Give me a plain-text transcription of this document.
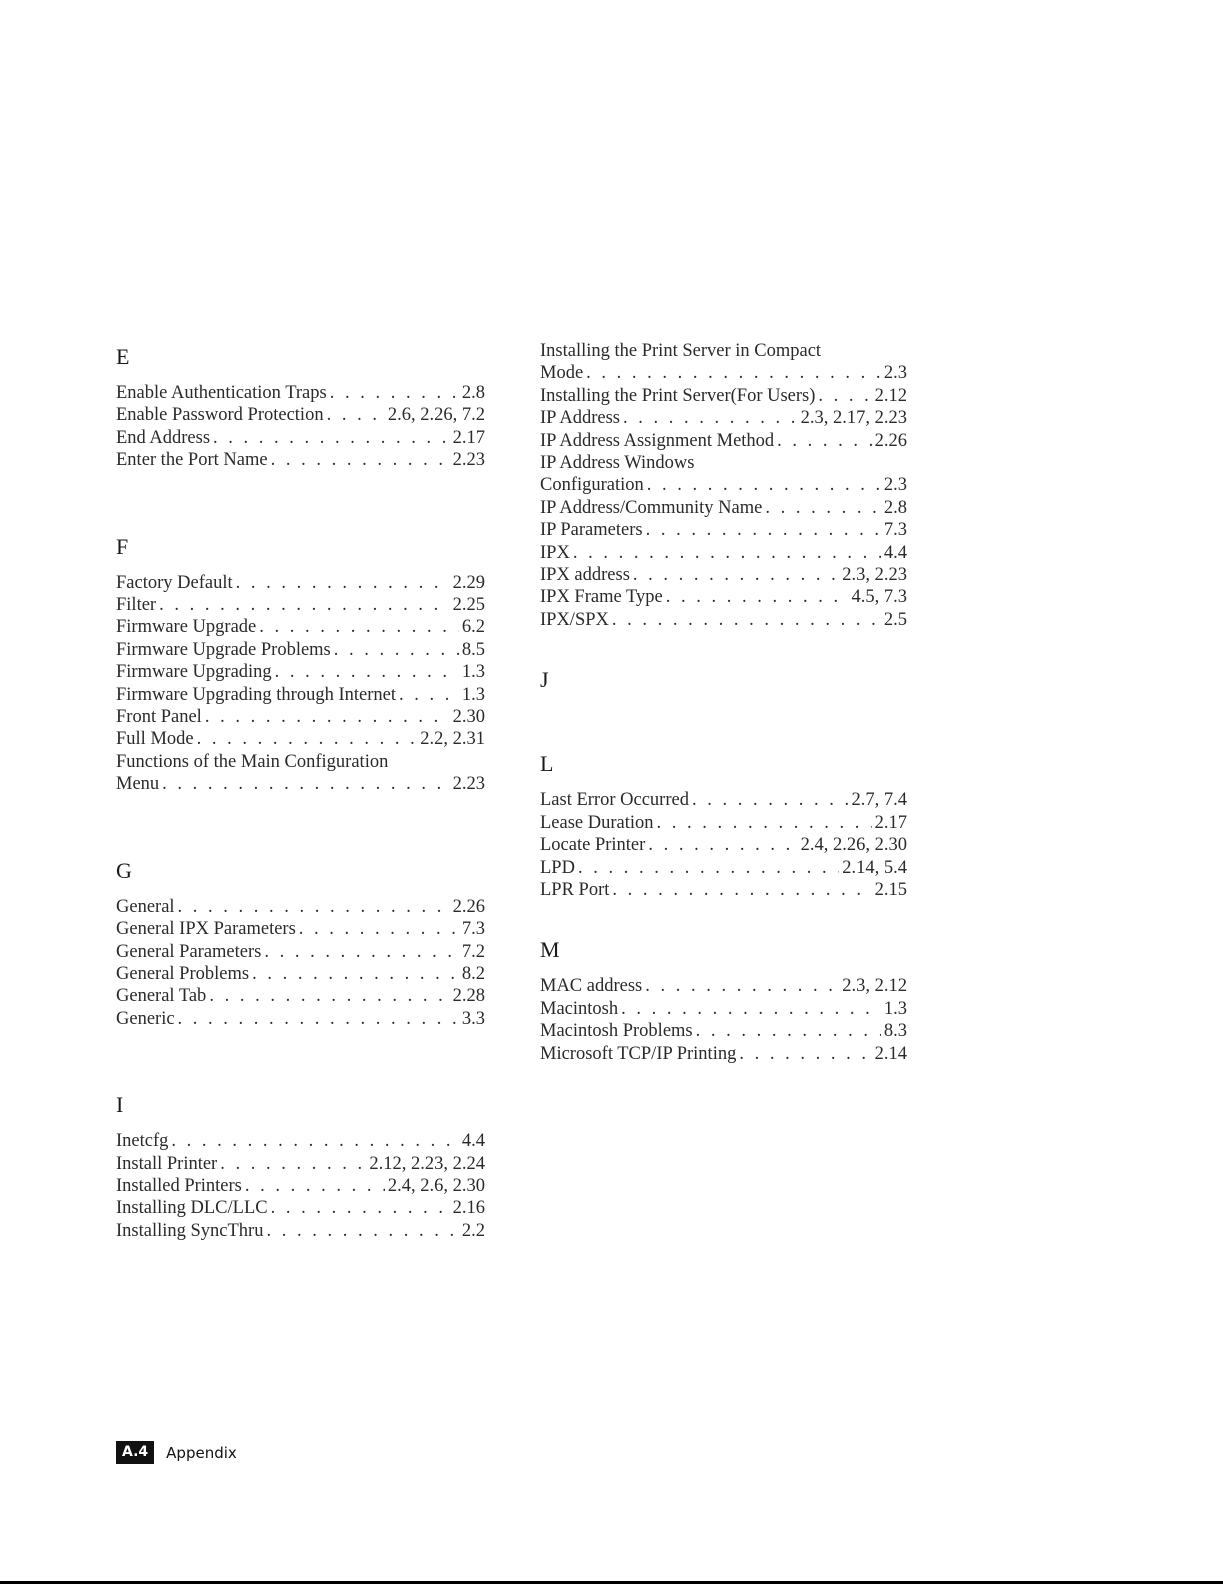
E
Enable Authentication Traps . . .	2.8
Enable Password Protection . . .	2.6, 2.26, 7.2
End Address . . .	2.17
Enter the Port Name . . .	2.23
F
Factory Default . . .	2.29
Filter . . .	2.25
Firmware Upgrade . . .	6.2
Firmware Upgrade Problems . . .	8.5
Firmware Upgrading . . .	1.3
Firmware Upgrading through Internet . . .	1.3
Front Panel . . .	2.30
Full Mode . . .	2.2, 2.31
Functions of the Main Configuration
Menu . . .	2.23
G
General . . .	2.26
General IPX Parameters . . .	7.3
General Parameters . . .	7.2
General Problems . . .	8.2
General Tab . . .	2.28
Generic . . .	3.3
I
Inetcfg . . .	4.4
Install Printer . . .	2.12, 2.23, 2.24
Installed Printers . . .	2.4, 2.6, 2.30
Installing DLC/LLC . . .	2.16
Installing SyncThru . . .	2.2
Installing the Print Server in Compact
Mode . . .	2.3
Installing the Print Server(For Users) . . .	2.12
IP Address . . .	2.3, 2.17, 2.23
IP Address Assignment Method . . .	2.26
IP Address Windows
Configuration . . .	2.3
IP Address/Community Name . . .	2.8
IP Parameters . . .	7.3
IPX . . .	4.4
IPX address . . .	2.3, 2.23
IPX Frame Type . . .	4.5, 7.3
IPX/SPX . . .	2.5
J
L
Last Error Occurred . . .	2.7, 7.4
Lease Duration . . .	2.17
Locate Printer . . .	2.4, 2.26, 2.30
LPD . . .	2.14, 5.4
LPR Port . . .	2.15
M
MAC address . . .	2.3, 2.12
Macintosh . . .	1.3
Macintosh Problems . . .	8.3
Microsoft TCP/IP Printing . . .	2.14
A.4	Appendix
